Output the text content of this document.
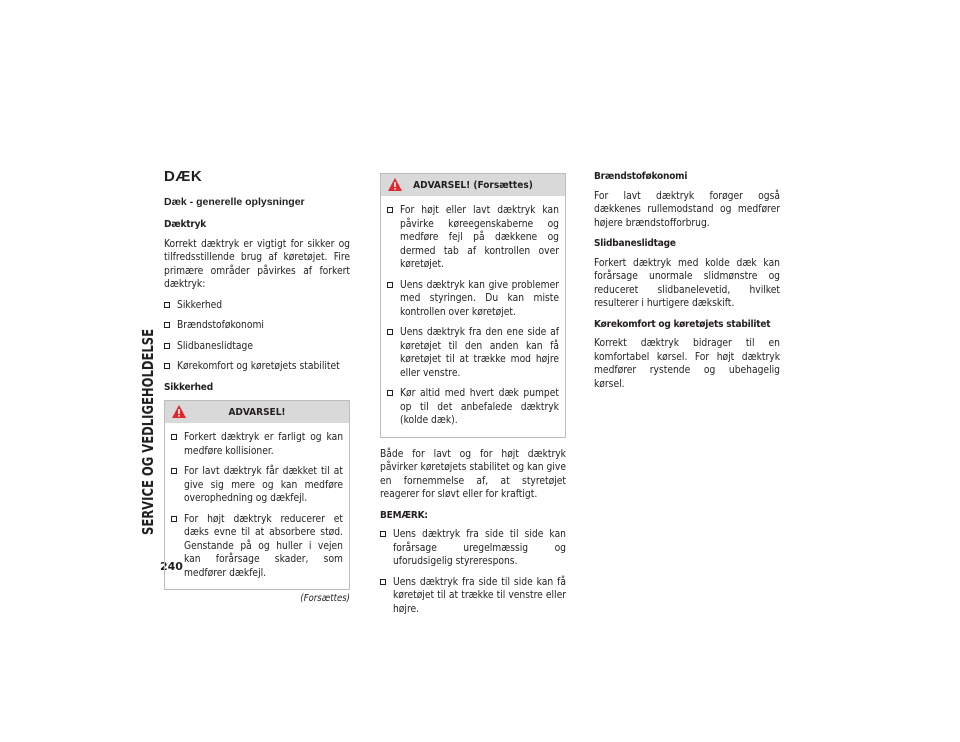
SERVICE OG VEDLIGEHOLDELSE
240
DÆK
Dæk - generelle oplysninger
Dæktryk

Korrekt dæktryk er vigtigt for sikker og tilfredsstillende brug af køretøjet. Fire primære områder påvirkes af forkert dæktryk:

Sikkerhed
Brændstoføkonomi
Slidbaneslidtage
Kørekomfort og køretøjets stabilitet
Sikkerhed
ADVARSEL!
Forkert dæktryk er farligt og kan medføre kollisioner.
For lavt dæktryk får dækket til at give sig mere og kan medføre overophedning og dækfejl.
For højt dæktryk reducerer et dæks evne til at absorbere stød. Genstande på og huller i vejen kan forårsage skader, som medfører dækfejl.
(Forsættes)
ADVARSEL! (Forsættes)
For højt eller lavt dæktryk kan påvirke køreegenskaberne og medføre fejl på dækkene og dermed tab af kontrollen over køretøjet.
Uens dæktryk kan give problemer med styringen. Du kan miste kontrollen over køretøjet.
Uens dæktryk fra den ene side af køretøjet til den anden kan få køretøjet til at trække mod højre eller venstre.
Kør altid med hvert dæk pumpet op til det anbefalede dæktryk (kolde dæk).

Både for lavt og for højt dæktryk påvirker køretøjets stabilitet og kan give en fornemmelse af, at styretøjet reagerer for sløvt eller for kraftigt.

BEMÆRK:
Uens dæktryk fra side til side kan forårsage uregelmæssig og uforudsigelig styrerespons.
Uens dæktryk fra side til side kan få køretøjet til at trække til venstre eller højre.
Brændstoføkonomi

For lavt dæktryk forøger også dækkenes rullemodstand og medfører højere brændstofforbrug.

Slidbaneslidtage

Forkert dæktryk med kolde dæk kan forårsage unormale slidmønstre og reduceret slidbanelevetid, hvilket resulterer i hurtigere dækskift.

Kørekomfort og køretøjets stabilitet

Korrekt dæktryk bidrager til en komfortabel kørsel. For højt dæktryk medfører rystende og ubehagelig kørsel.
